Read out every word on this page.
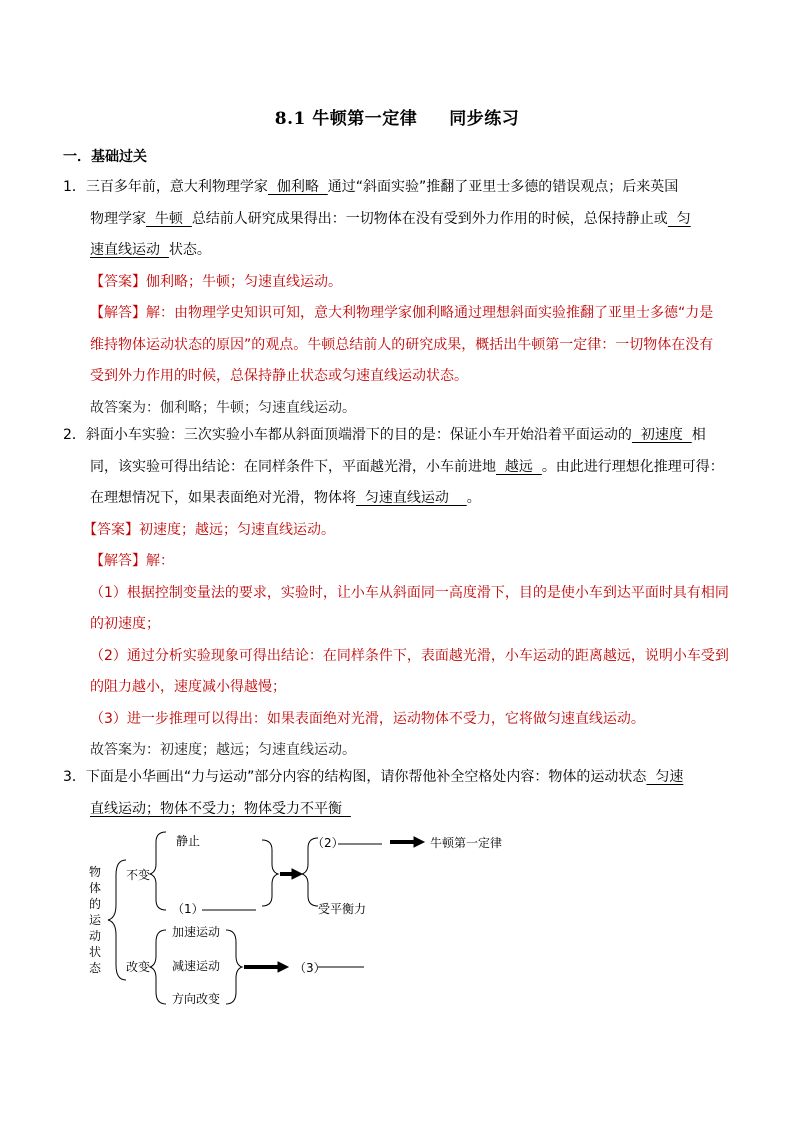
8.1 牛顿第一定律 同步练习
一．基础过关
1．三百多年前，意大利物理学家  伽利略  通过“斜面实验”推翻了亚里士多德的错误观点；后来英国
物理学家  牛顿  总结前人研究成果得出：一切物体在没有受到外力作用的时候，总保持静止或  匀
速直线运动  状态。
【答案】伽利略；牛顿；匀速直线运动。
【解答】解：由物理学史知识可知，意大利物理学家伽利略通过理想斜面实验推翻了亚里士多德“力是
维持物体运动状态的原因”的观点。牛顿总结前人的研究成果，概括出牛顿第一定律：一切物体在没有
受到外力作用的时候，总保持静止状态或匀速直线运动状态。
故答案为：伽利略；牛顿；匀速直线运动。
2．斜面小车实验：三次实验小车都从斜面顶端滑下的目的是：保证小车开始沿着平面运动的  初速度  相
同，该实验可得出结论：在同样条件下，平面越光滑，小车前进地  越远  。由此进行理想化推理可得：
在理想情况下，如果表面绝对光滑，物体将  匀速直线运动    。
【答案】初速度；越远；匀速直线运动。
【解答】解：
（1）根据控制变量法的要求，实验时，让小车从斜面同一高度滑下，目的是使小车到达平面时具有相同
的初速度；
（2）通过分析实验现象可得出结论：在同样条件下，表面越光滑，小车运动的距离越远，说明小车受到
的阻力越小，速度减小得越慢；
（3）进一步推理可以得出：如果表面绝对光滑，运动物体不受力，它将做匀速直线运动。
故答案为：初速度；越远；匀速直线运动。
3．下面是小华画出“力与运动”部分内容的结构图，请你帮他补全空格处内容：物体的运动状态  匀速
直线运动；物体不受力；物体受力不平衡
物
体
的
运
动
状
态
不变
改变
静止
（1）
（2）	牛顿第一定律
受平衡力
加速运动
减速运动
方向改变
（3）
